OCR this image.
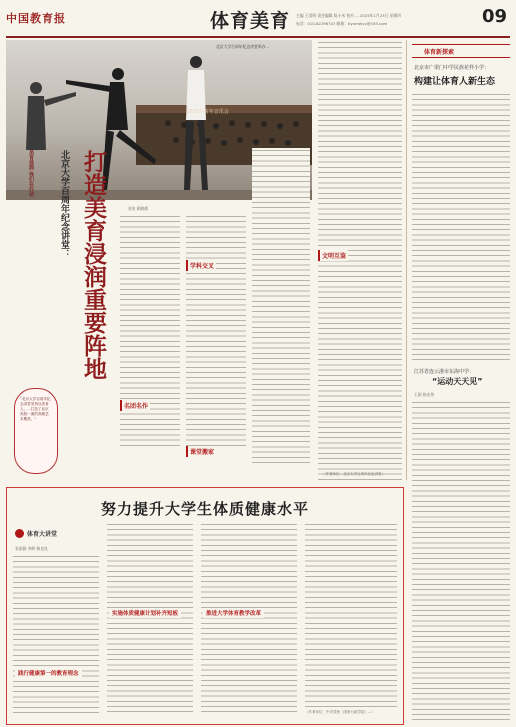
中国教育报	体育美育 主编 王爱明 责任编辑 陈小米 校对 ... 2025年1月23日 星期四
电话：010-82296747 邮箱：tiyumeiyu@163.com	09
2025年新年音乐会
北京大学百周年纪念讲堂举办...
美育浸润 我们在行动	北京大学百周年纪念讲堂： 打造美育浸润重要阵地
“北京大学百周年纪念讲堂坚持以美育人，...打造了北京高校一流的高雅艺术殿堂。”
张泉 顾晓敏
名团名作
学科交叉
课堂搬家
文明互鉴
（作者单位：北京大学百周年纪念讲堂）
体育新探索
北京市广渠门中学民族花样小学：
构建让体育人新生态
江苏省连云港市东海中学：
“运动天天见”
王刚 陈宏伟
努力提升大学生体质健康水平
体育大讲堂
张丽娟 李辉 韩良良
践行健康第一的教育理念
实施体质健康计划补齐短板	推进大学体育教学改革
（作者单位：中央党校（国家行政学院）...）
